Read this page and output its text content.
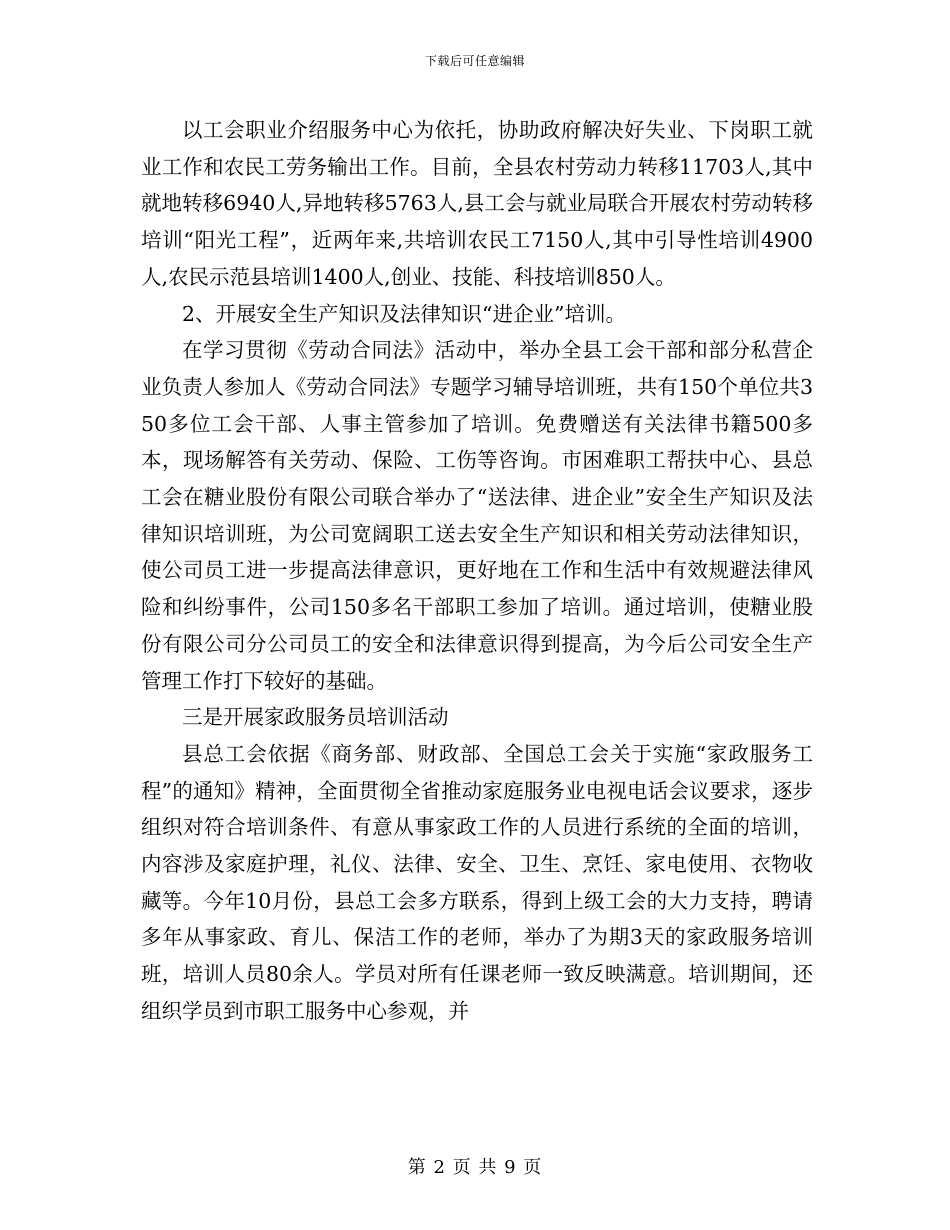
下载后可任意编辑

以工会职业介绍服务中心为依托，协助政府解决好失业、下岗职工就业工作和农民工劳务输出工作。目前，全县农村劳动力转移11703人,其中就地转移6940人,异地转移5763人,县工会与就业局联合开展农村劳动转移培训“阳光工程”，近两年来,共培训农民工7150人,其中引导性培训4900人,农民示范县培训1400人,创业、技能、科技培训850人。

2、开展安全生产知识及法律知识“进企业”培训。

在学习贯彻《劳动合同法》活动中，举办全县工会干部和部分私营企业负责人参加人《劳动合同法》专题学习辅导培训班，共有150个单位共350多位工会干部、人事主管参加了培训。免费赠送有关法律书籍500多本，现场解答有关劳动、保险、工伤等咨询。市困难职工帮扶中心、县总工会在糖业股份有限公司联合举办了“送法律、进企业”安全生产知识及法律知识培训班，为公司宽阔职工送去安全生产知识和相关劳动法律知识，使公司员工进一步提高法律意识，更好地在工作和生活中有效规避法律风险和纠纷事件，公司150多名干部职工参加了培训。通过培训，使糖业股份有限公司分公司员工的安全和法律意识得到提高，为今后公司安全生产管理工作打下较好的基础。

三是开展家政服务员培训活动

县总工会依据《商务部、财政部、全国总工会关于实施“家政服务工程”的通知》精神，全面贯彻全省推动家庭服务业电视电话会议要求，逐步组织对符合培训条件、有意从事家政工作的人员进行系统的全面的培训，内容涉及家庭护理，礼仪、法律、安全、卫生、烹饪、家电使用、衣物收藏等。今年10月份，县总工会多方联系，得到上级工会的大力支持，聘请多年从事家政、育儿、保洁工作的老师，举办了为期3天的家政服务培训班，培训人员80余人。学员对所有任课老师一致反映满意。培训期间，还组织学员到市职工服务中心参观，并

第 2 页 共 9 页
